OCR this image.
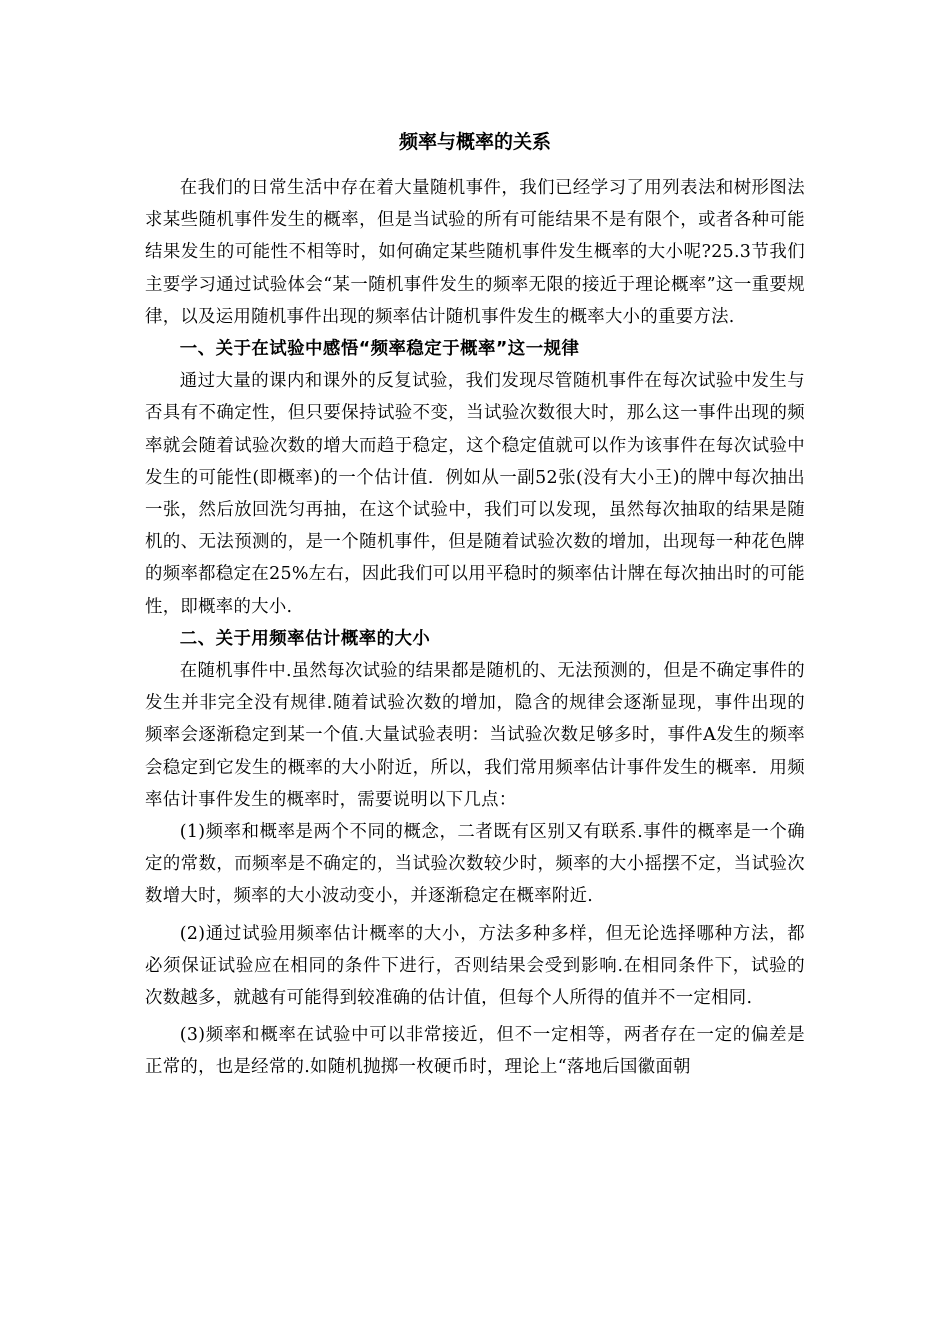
频率与概率的关系

在我们的日常生活中存在着大量随机事件，我们已经学习了用列表法和树形图法求某些随机事件发生的概率，但是当试验的所有可能结果不是有限个，或者各种可能结果发生的可能性不相等时，如何确定某些随机事件发生概率的大小呢?25.3节我们主要学习通过试验体会“某一随机事件发生的频率无限的接近于理论概率”这一重要规律，以及运用随机事件出现的频率估计随机事件发生的概率大小的重要方法.

一、关于在试验中感悟“频率稳定于概率”这一规律

通过大量的课内和课外的反复试验，我们发现尽管随机事件在每次试验中发生与否具有不确定性，但只要保持试验不变，当试验次数很大时，那么这一事件出现的频率就会随着试验次数的增大而趋于稳定，这个稳定值就可以作为该事件在每次试验中发生的可能性(即概率)的一个估计值．例如从一副52张(没有大小王)的牌中每次抽出一张，然后放回洗匀再抽，在这个试验中，我们可以发现，虽然每次抽取的结果是随机的、无法预测的，是一个随机事件，但是随着试验次数的增加，出现每一种花色牌的频率都稳定在25%左右，因此我们可以用平稳时的频率估计牌在每次抽出时的可能性，即概率的大小.

二、关于用频率估计概率的大小

在随机事件中.虽然每次试验的结果都是随机的、无法预测的，但是不确定事件的发生并非完全没有规律.随着试验次数的增加，隐含的规律会逐渐显现，事件出现的频率会逐渐稳定到某一个值.大量试验表明：当试验次数足够多时，事件A发生的频率会稳定到它发生的概率的大小附近，所以，我们常用频率估计事件发生的概率．用频率估计事件发生的概率时，需要说明以下几点：

(1)频率和概率是两个不同的概念，二者既有区别又有联系.事件的概率是一个确定的常数，而频率是不确定的，当试验次数较少时，频率的大小摇摆不定，当试验次数增大时，频率的大小波动变小，并逐渐稳定在概率附近.

(2)通过试验用频率估计概率的大小，方法多种多样，但无论选择哪种方法，都必须保证试验应在相同的条件下进行，否则结果会受到影响.在相同条件下，试验的次数越多，就越有可能得到较准确的估计值，但每个人所得的值并不一定相同.

(3)频率和概率在试验中可以非常接近，但不一定相等，两者存在一定的偏差是正常的，也是经常的.如随机抛掷一枚硬币时，理论上“落地后国徽面朝
